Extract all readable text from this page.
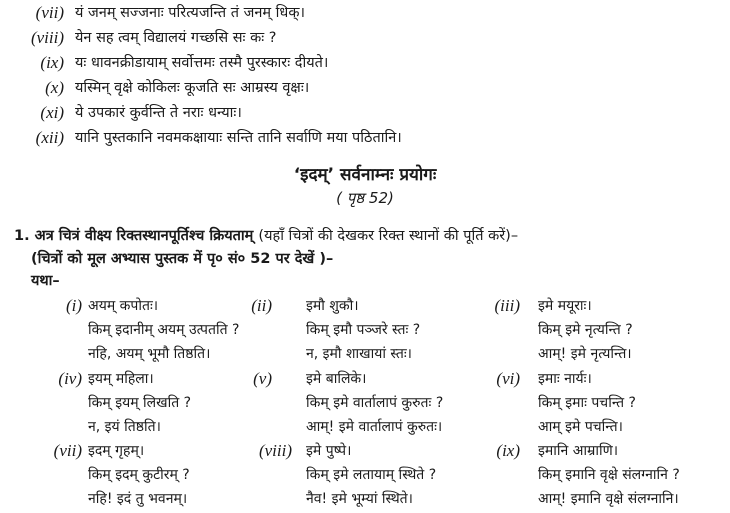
(vii) यं जनम् सज्जनाः परित्यजन्ति तं जनम् धिक्।
(viii) येन सह त्वम् विद्यालयं गच्छसि सः कः ?
(ix) यः धावनक्रीडायाम् सर्वोत्तमः तस्मै पुरस्कारः दीयते।
(x) यस्मिन् वृक्षे कोकिलः कूजति सः आम्रस्य वृक्षः।
(xi) ये उपकारं कुर्वन्ति ते नराः धन्याः।
(xii) यानि पुस्तकानि नवमकक्षायाः सन्ति तानि सर्वाणि मया पठितानि।
‘इदम्’ सर्वनाम्नः प्रयोगः
( पृष्ठ 52)
1. अत्र चित्रं वीक्ष्य रिक्तस्थानपूर्तिश्च क्रियताम् (यहाँ चित्रों की देखकर रिक्त स्थानों की पूर्ति करें)–
(चित्रों को मूल अभ्यास पुस्तक में पृ० सं० 52 पर देखें )–
यथा–
(i) अयम् कपोतः।
किम् इदानीम् अयम् उत्पतति ?
नहि, अयम् भूमौ तिष्ठति।
(ii) इमौ शुकौ।
किम् इमौ पञ्जरे स्तः ?
न, इमौ शाखायां स्तः।
(iii) इमे मयूराः।
किम् इमे नृत्यन्ति ?
आम्! इमे नृत्यन्ति।
(iv) इयम् महिला।
किम् इयम् लिखति ?
न, इयं तिष्ठति।
(v) इमे बालिके।
किम् इमे वार्तालापं कुरुतः ?
आम्! इमे वार्तालापं कुरुतः।
(vi) इमाः नार्यः।
किम् इमाः पचन्ति ?
आम् इमे पचन्ति।
(vii) इदम् गृहम्।
किम् इदम् कुटीरम् ?
नहि! इदं तु भवनम्।
(viii) इमे पुष्पे।
किम् इमे लतायाम् स्थिते ?
नैव! इमे भूम्यां स्थिते।
(ix) इमानि आम्राणि।
किम् इमानि वृक्षे संलग्नानि ?
आम्! इमानि वृक्षे संलग्नानि।
